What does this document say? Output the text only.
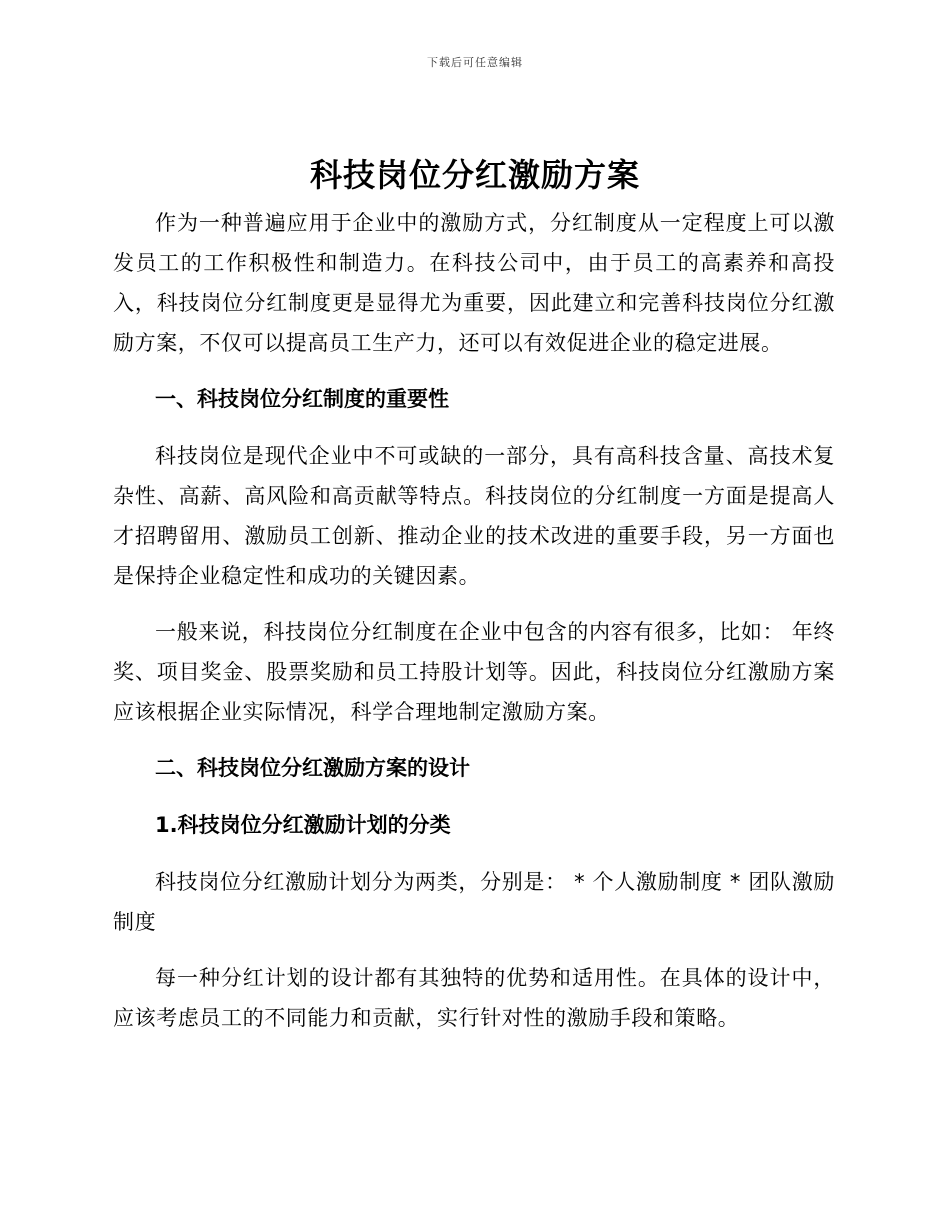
下载后可任意编辑
科技岗位分红激励方案

作为一种普遍应用于企业中的激励方式，分红制度从一定程度上可以激发员工的工作积极性和制造力。在科技公司中，由于员工的高素养和高投入，科技岗位分红制度更是显得尤为重要，因此建立和完善科技岗位分红激励方案，不仅可以提高员工生产力，还可以有效促进企业的稳定进展。

一、科技岗位分红制度的重要性

科技岗位是现代企业中不可或缺的一部分，具有高科技含量、高技术复杂性、高薪、高风险和高贡献等特点。科技岗位的分红制度一方面是提高人才招聘留用、激励员工创新、推动企业的技术改进的重要手段，另一方面也是保持企业稳定性和成功的关键因素。

一般来说，科技岗位分红制度在企业中包含的内容有很多，比如： 年终奖、项目奖金、股票奖励和员工持股计划等。因此，科技岗位分红激励方案应该根据企业实际情况，科学合理地制定激励方案。

二、科技岗位分红激励方案的设计
1.科技岗位分红激励计划的分类

科技岗位分红激励计划分为两类，分别是： * 个人激励制度 * 团队激励制度

每一种分红计划的设计都有其独特的优势和适用性。在具体的设计中，应该考虑员工的不同能力和贡献，实行针对性的激励手段和策略。
